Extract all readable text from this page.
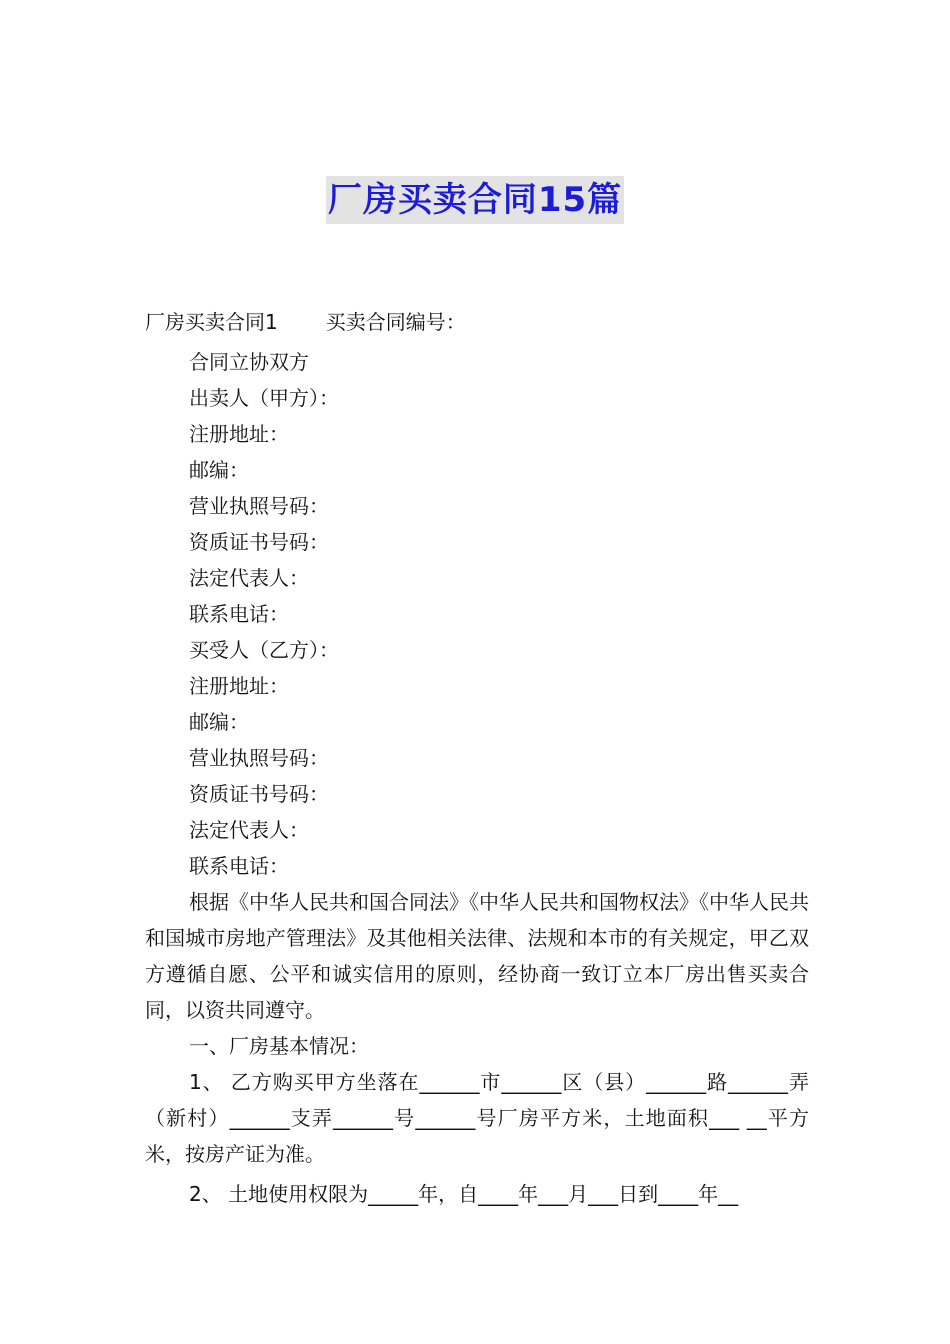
厂房买卖合同15篇
厂房买卖合同1 买卖合同编号：
合同立协双方
出卖人（甲方）：
注册地址：
邮编：
营业执照号码：
资质证书号码：
法定代表人：
联系电话：
买受人（乙方）：
注册地址：
邮编：
营业执照号码：
资质证书号码：
法定代表人：
联系电话：
根据《中华人民共和国合同法》《中华人民共和国物权法》《中华人民共和国城市房地产管理法》及其他相关法律、法规和本市的有关规定，甲乙双方遵循自愿、公平和诚实信用的原则，经协商一致订立本厂房出售买卖合同，以资共同遵守。
一、厂房基本情况：
1、 乙方购买甲方坐落在______市______区（县）______路______弄（新村）______支弄______号______号厂房平方米，土地面积___ __平方米，按房产证为准。
2、 土地使用权限为_____年，自____年___月___日到____年__
